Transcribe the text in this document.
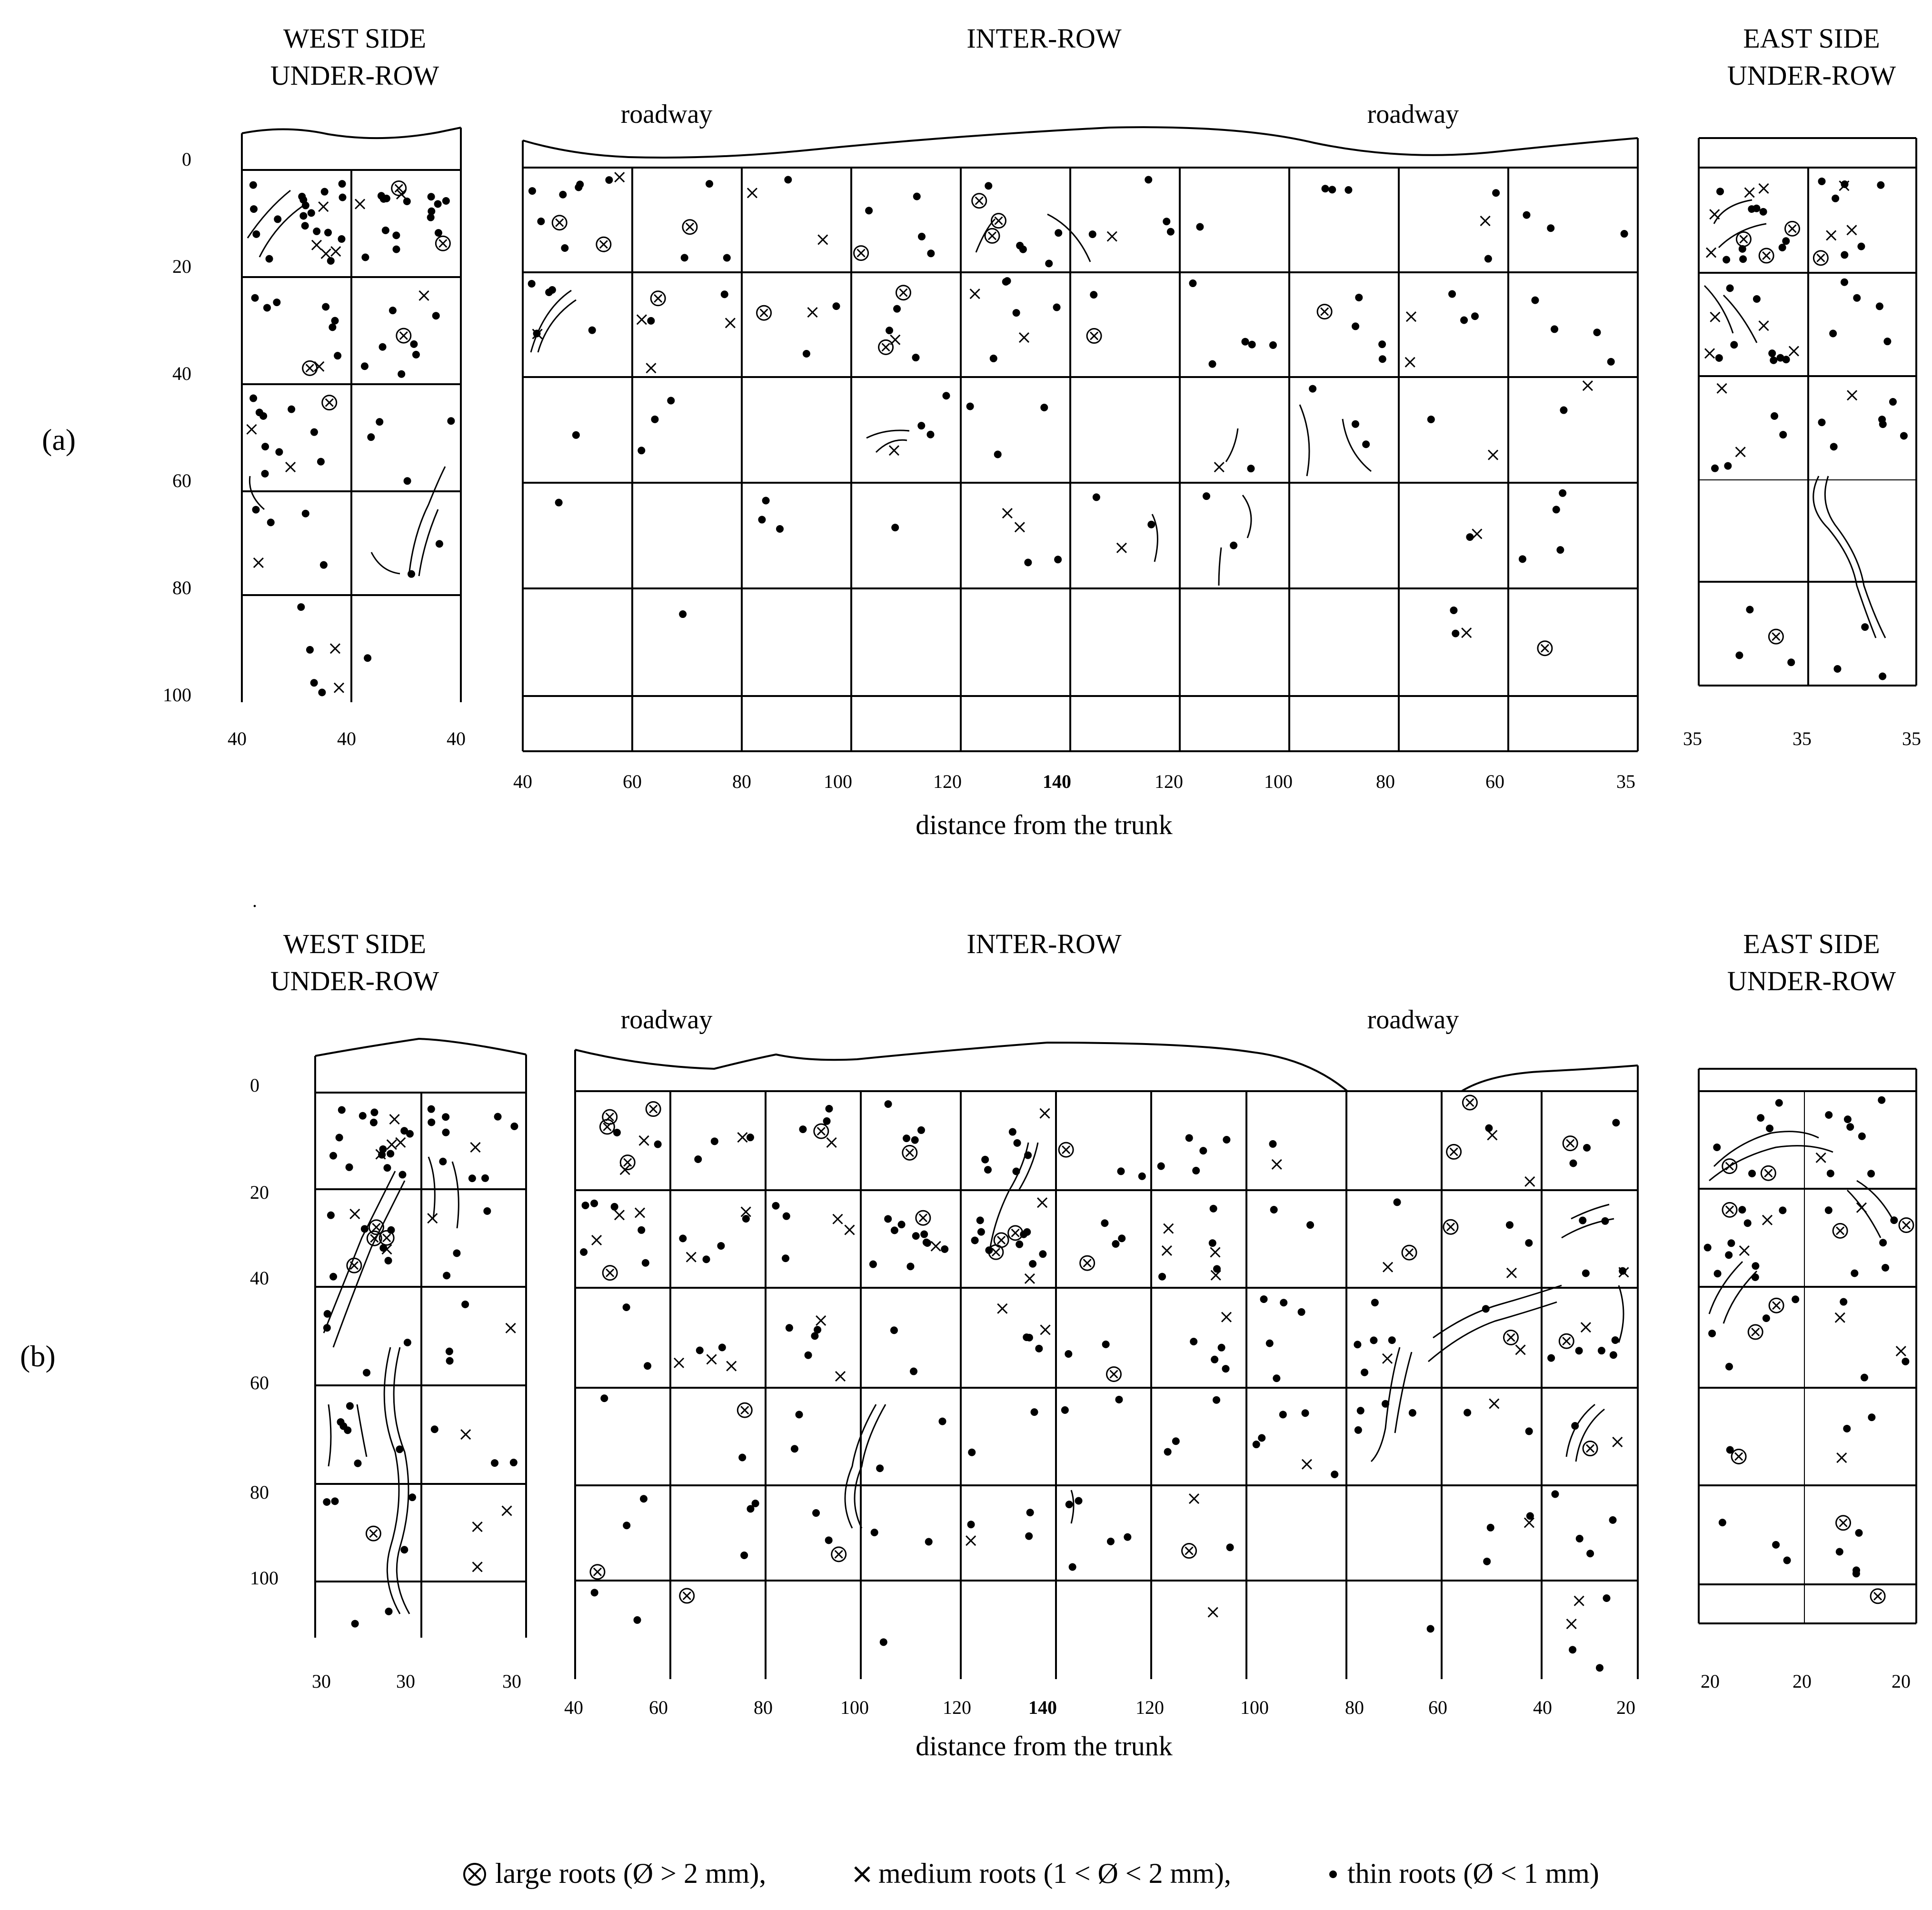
(a)
WEST SIDE
UNDER-ROW
INTER-ROW	EAST SIDE
UNDER-ROW
roadway	roadway
0
20
40
60
80
100
40	40	40
40	60	80	100	120	140	120	100	80	60	35
distance from the trunk
35	35	35
.
(b)
WEST SIDE
UNDER-ROW
INTER-ROW	EAST SIDE
UNDER-ROW
roadway	roadway
0
20
40
60
80
100
30	30	30
40	60	80	100	120	140	120	100	80	60	40	20
distance from the trunk
20	20	20
large roots (Ø > 2 mm),	medium roots (1 < Ø < 2 mm),	thin roots (Ø < 1 mm)
